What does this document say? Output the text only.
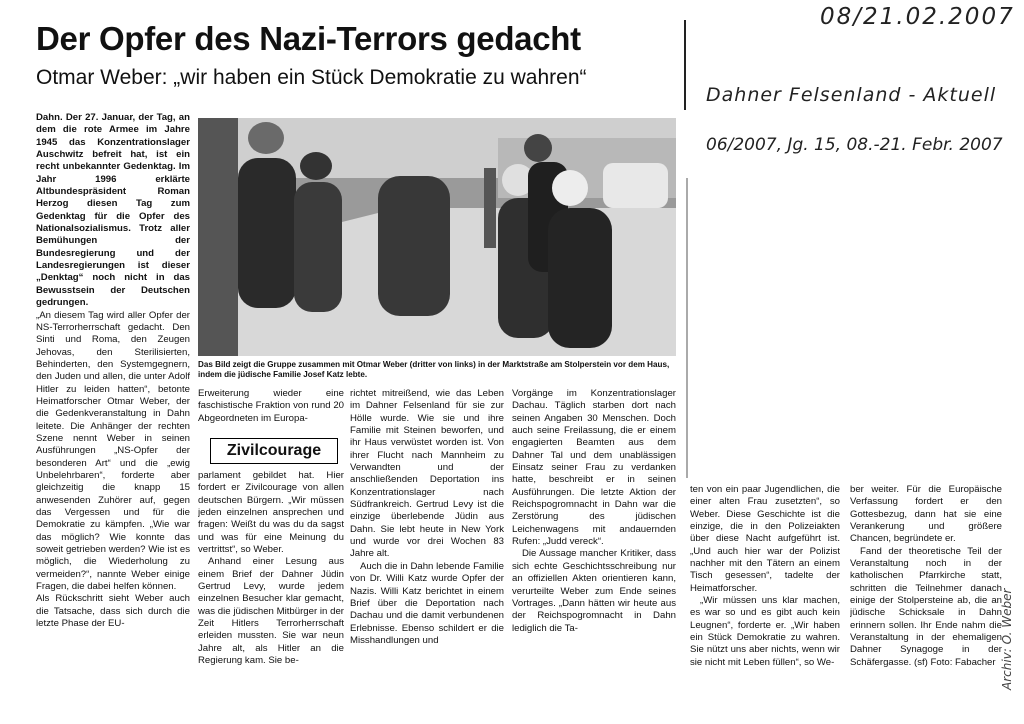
Der Opfer des Nazi-Terrors gedacht
Otmar Weber: „wir haben ein Stück Demokratie zu wahren“
08/21.02.2007
Dahner Felsenland - Aktuell
06/2007, Jg. 15, 08.-21. Febr. 2007

Dahn. Der 27. Januar, der Tag, an dem die rote Armee im Jahre 1945 das Konzentrationslager Auschwitz befreit hat, ist ein recht unbekannter Gedenktag. Im Jahr 1996 erklärte Altbundespräsident Roman Herzog diesen Tag zum Gedenktag für die Opfer des Nationalsozialismus. Trotz aller Bemühungen der Bundesregierung und der Landesregierungen ist dieser „Denktag“ noch nicht in das Bewusstsein der Deutschen gedrungen.

„An diesem Tag wird aller Opfer der NS-Terrorherrschaft gedacht. Den Sinti und Roma, den Zeugen Jehovas, den Sterilisierten, Behinderten, den Systemgegnern, den Juden und allen, die unter Adolf Hitler zu leiden hatten“, betonte Heimatforscher Otmar Weber, der die Gedenkveranstaltung in Dahn leitete. Die Anhänger der rechten Szene nennt Weber in seinen Ausführungen „NS-Opfer der besonderen Art“ und die „ewig Unbelehrbaren“, forderte aber gleichzeitig die knapp 15 anwesenden Zuhörer auf, gegen das Vergessen und für die Demokratie zu kämpfen. „Wie war das möglich? Wie konnte das soweit getrieben werden? Wie ist es möglich, die Wiederholung zu vermeiden?“, nannte Weber einige Fragen, die dabei helfen können.

Als Rückschritt sieht Weber auch die Tatsache, dass sich durch die letzte Phase der EU-

Das Bild zeigt die Gruppe zusammen mit Otmar Weber (dritter von links) in der Marktstraße am Stolperstein vor dem Haus, indem die jüdische Familie Josef Katz lebte.

Erweiterung wieder eine faschistische Fraktion von rund 20 Abgeordneten im Europa-

Zivilcourage

parlament gebildet hat. Hier fordert er Zivilcourage von allen deutschen Bürgern. „Wir müssen jeden einzelnen ansprechen und fragen: Weißt du was du da sagst und was für eine Meinung du vertrittst“, so Weber.

Anhand einer Lesung aus einem Brief der Dahner Jüdin Gertrud Levy, wurde jedem einzelnen Besucher klar gemacht, was die jüdischen Mitbürger in der Zeit Hitlers Terrorherrschaft erleiden mussten. Sie war neun Jahre alt, als Hitler an die Regierung kam. Sie be-

richtet mitreißend, wie das Leben im Dahner Felsenland für sie zur Hölle wurde. Wie sie und ihre Familie mit Steinen beworfen, und ihr Haus verwüstet worden ist. Von ihrer Flucht nach Mannheim zu Verwandten und der anschließenden Deportation ins Konzentrationslager nach Südfrankreich. Gertrud Levy ist die einzige überlebende Jüdin aus Dahn. Sie lebt heute in New York und wurde vor drei Wochen 83 Jahre alt.

Auch die in Dahn lebende Familie von Dr. Willi Katz wurde Opfer der Nazis. Willi Katz berichtet in einem Brief über die Deportation nach Dachau und die damit verbundenen Erlebnisse. Ebenso schildert er die Misshandlungen und

Vorgänge im Konzentrationslager Dachau. Täglich starben dort nach seinen Angaben 30 Menschen. Doch auch seine Freilassung, die er einem engagierten Beamten aus dem Dahner Tal und dem unablässigen Einsatz seiner Frau zu verdanken hatte, beschreibt er in seinen Ausführungen. Die letzte Aktion der Reichspogromnacht in Dahn war die Zerstörung des jüdischen Leichenwagens mit andauernden Rufen: „Judd vereck“.

Die Aussage mancher Kritiker, dass sich echte Geschichtsschreibung nur an offiziellen Akten orientieren kann, verurteilte Weber zum Ende seines Vortrages. „Dann hätten wir heute aus der Reichspogromnacht in Dahn lediglich die Ta-

ten von ein paar Jugendlichen, die einer alten Frau zusetzten“, so Weber. Diese Geschichte ist die einzige, die in den Polizeiakten über diese Nacht aufgeführt ist. „Und auch hier war der Polizist nachher mit den Tätern an einem Tisch gesessen“, tadelte der Heimatforscher.

„Wir müssen uns klar machen, es war so und es gibt auch kein Leugnen“, forderte er. „Wir haben ein Stück Demokratie zu wahren. Sie nützt uns aber nichts, wenn wir sie nicht mit Leben füllen“, so We-

ber weiter. Für die Europäische Verfassung fordert er den Gottesbezug, dann hat sie eine Verankerung und größere Chancen, begründete er.

Fand der theoretische Teil der Veranstaltung noch in der katholischen Pfarrkirche statt, schritten die Teilnehmer danach einige der Stolpersteine ab, die an jüdische Schicksale in Dahn erinnern sollen. Ihr Ende nahm die Veranstaltung in der ehemaligen Dahner Synagoge in der Schäfergasse. (sf) Foto: Fabacher Archiv: O. Weber
